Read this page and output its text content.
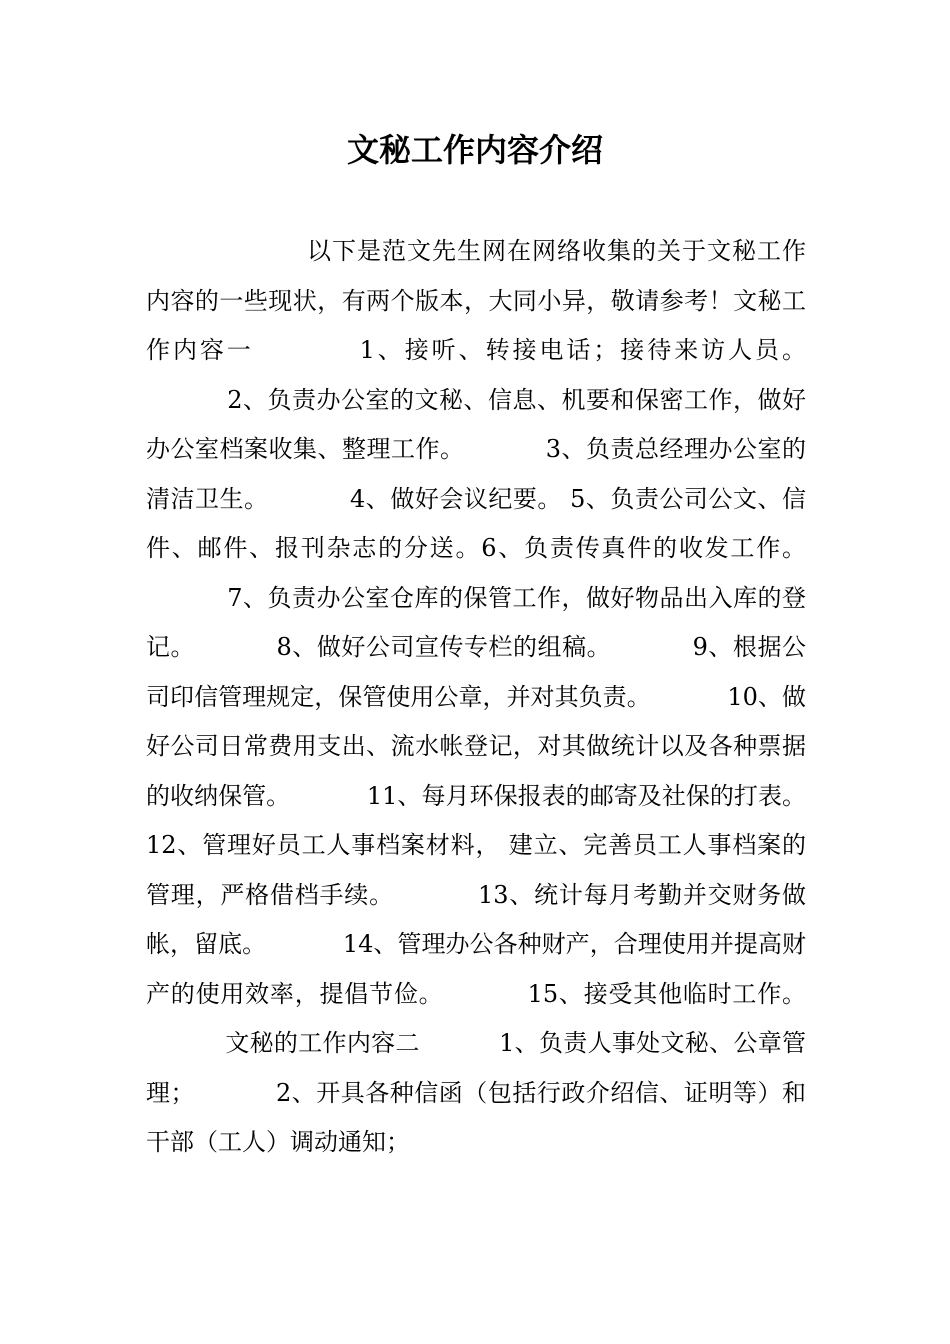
文秘工作内容介绍

以下是范文先生网在网络收集的关于文秘工作内容的一些现状，有两个版本，大同小异，敬请参考！文秘工作内容一	1、接听、转接电话；接待来访人员。          2、负责办公室的文秘、信息、机要和保密工作，做好办公室档案收集、整理工作。	3、负责总经理办公室的清洁卫生。	4、做好会议纪要。 5、负责公司公文、信件、邮件、报刊杂志的分送。6、负责传真件的收发工作。          7、负责办公室仓库的保管工作，做好物品出入库的登记。	8、做好公司宣传专栏的组稿。	9、根据公司印信管理规定，保管使用公章，并对其负责。	10、做好公司日常费用支出、流水帐登记，对其做统计以及各种票据的收纳保管。	11、每月环保报表的邮寄及社保的打表。12、管理好员工人事档案材料， 建立、完善员工人事档案的管理，严格借档手续。	13、统计每月考勤并交财务做帐，留底。	14、管理办公各种财产，合理使用并提高财产的使用效率，提倡节俭。	15、接受其他临时工作。          文秘的工作内容二	1、负责人事处文秘、公章管理；	2、开具各种信函（包括行政介绍信、证明等）和干部（工人）调动通知；
